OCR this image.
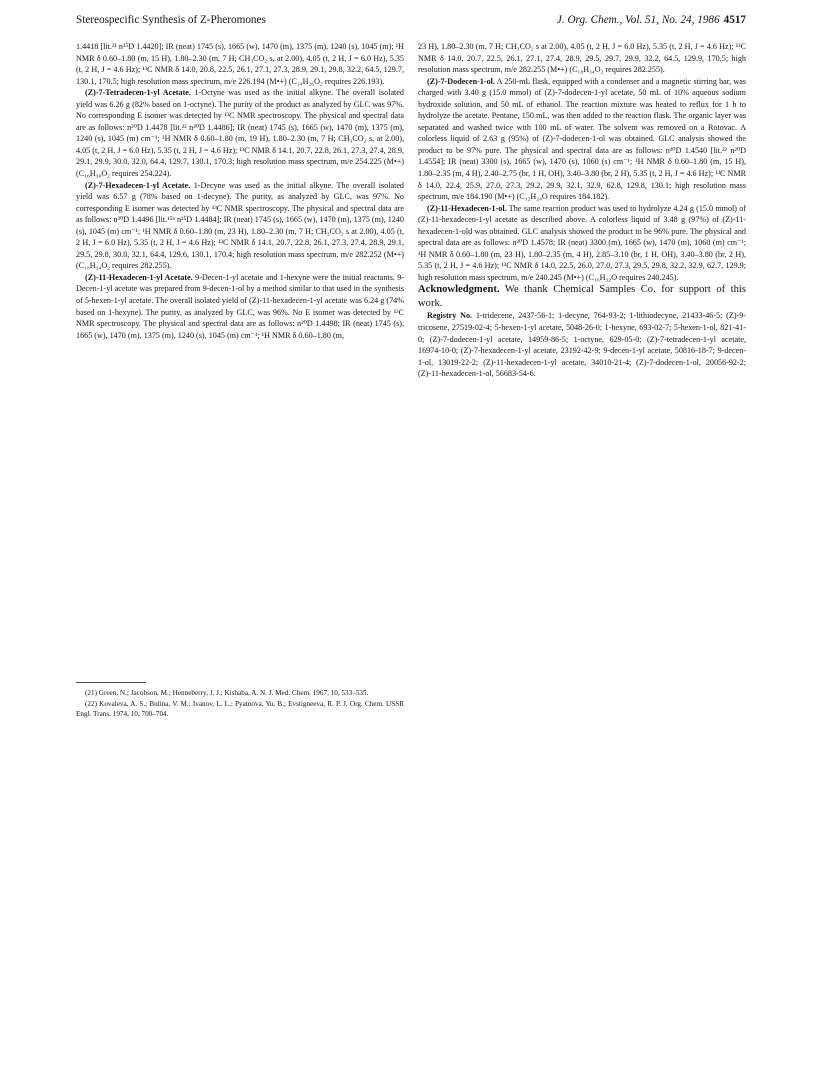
Stereospecific Synthesis of Z-Pheromones	J. Org. Chem., Vol. 51, No. 24, 1986 4517

1.4418 [lit.²¹ n²⁵D 1.4420]; IR (neat) 1745 (s), 1665 (w), 1470 (m), 1375 (m), 1240 (s), 1045 (m); ¹H NMR δ 0.60–1.80 (m, 15 H), 1.80–2.30 (m, 7 H; CH₃CO₂ s, at 2.00), 4.05 (t, 2 H, J = 6.0 Hz), 5.35 (t, 2 H, J = 4.6 Hz); ¹³C NMR δ 14.0, 20.8, 22.5, 26.1, 27.1, 27.3, 28.9, 29.1, 29.8, 32.2, 64.5, 129.7, 130.1, 170.5; high resolution mass spectrum, m/e 226.194 (M•+) (C₁₄H₂₆O₂ requires 226.193).

(Z)-7-Tetradecen-1-yl Acetate. 1-Octyne was used as the initial alkyne. The overall isolated yield was 6.26 g (82% based on 1-octyne). The purity of the product as analyzed by GLC was 97%. No corresponding E isomer was detected by ¹³C NMR spectroscopy. The physical and spectral data are as follows: n²⁰D 1.4478 [lit.²² n²⁰D 1.4486]; IR (neat) 1745 (s), 1665 (w), 1470 (m), 1375 (m), 1240 (s), 1045 (m) cm⁻¹; ¹H NMR δ 0.60–1.80 (m, 19 H), 1.80–2.30 (m, 7 H; CH₃CO₂ s, at 2.00), 4.05 (t, 2 H, J = 6.0 Hz), 5.35 (t, 2 H, J = 4.6 Hz); ¹³C NMR δ 14.1, 20.7, 22.8, 26.1, 27.3, 27.4, 28.9, 29.1, 29.9, 30.0, 32.0, 64.4, 129.7, 130.1, 170.3; high resolution mass spectrum, m/e 254.225 (M•+) (C₁₆H₃₀O₂ requires 254.224).

(Z)-7-Hexadecen-1-yl Acetate. 1-Decyne was used as the initial alkyne. The overall isolated yield was 6.57 g (78% based on 1-decyne). The purity, as analyzed by GLC, was 97%. No corresponding E isomer was detected by ¹³C NMR spectroscopy. The physical and spectral data are as follows: n²⁰D 1.4496 [lit.¹⁵ᵇ n²⁵D 1.4484]; IR (neat) 1745 (s), 1665 (w), 1470 (m), 1375 (m), 1240 (s), 1045 (m) cm⁻¹; ¹H NMR δ 0.60–1.80 (m, 23 H), 1.80–2.30 (m, 7 H; CH₃CO₂ s at 2.00), 4.05 (t, 2 H, J = 6.0 Hz), 5.35 (t, 2 H, J = 4.6 Hz); ¹³C NMR δ 14.1, 20.7, 22.8, 26.1, 27.3, 27.4, 28.9, 29.1, 29.5, 29.8, 30.0, 32.1, 64.4, 129.6, 130.1, 170.4; high resolution mass spectrum, m/e 282.252 (M•+) (C₁₈H₃₄O₂ requires 282.255).

(Z)-11-Hexadecen-1-yl Acetate. 9-Decen-1-yl acetate and 1-hexyne were the initial reactants. 9-Decen-1-yl acetate was prepared from 9-decen-1-ol by a method similar to that used in the synthesis of 5-hexen-1-yl acetate. The overall isolated yield of (Z)-11-hexadecen-1-yl acetate was 6.24 g (74% based on 1-hexyne). The purity, as analyzed by GLC, was 96%. No E isomer was detected by ¹³C NMR spectroscopy. The physical and spectral data are as follows: n²⁰D 1.4498; IR (neat) 1745 (s), 1665 (w), 1470 (m), 1375 (m), 1240 (s), 1045 (m) cm⁻¹; ¹H NMR δ 0.60–1.80 (m,

(21) Green, N.; Jacobson, M.; Henneberry, J. J.; Kishaba, A. N. J. Med. Chem. 1967, 10, 533–535.

(22) Kovaleva, A. S.; Bulina, V. M.; Ivanov, L. L.; Pyatnova, Yu. B.; Evstigneeva, R. P. J. Org. Chem. USSR Engl. Trans. 1974, 10, 700–704.

23 H), 1.80–2.30 (m, 7 H; CH₃CO₂ s at 2.00), 4.05 (t, 2 H, J = 6.0 Hz), 5.35 (t, 2 H, J = 4.6 Hz); ¹³C NMR δ 14.0, 20.7, 22.5, 26.1, 27.1, 27.4, 28.9, 29.5, 29.7, 29.9, 32.2, 64.5, 129.9, 170.5; high resolution mass spectrum, m/e 282.255 (M•+) (C₁₈H₃₄O₂ requires 282.255).

(Z)-7-Dodecen-1-ol. A 250-mL flask, equipped with a condenser and a magnetic stirring bar, was charged with 3.40 g (15.0 mmol) of (Z)-7-dodecen-1-yl acetate, 50 mL of 10% aqueous sodium hydroxide solution, and 50 mL of ethanol. The reaction mixture was heated to reflux for 1 h to hydrolyze the acetate. Pentane, 150 mL, was then added to the reaction flask. The organic layer was separated and washed twice with 100 mL of water. The solvent was removed on a Rotovac. A colorless liquid of 2.63 g (95%) of (Z)-7-dodecen-1-ol was obtained. GLC analysis showed the product to be 97% pure. The physical and spectral data are as follows: n²⁰D 1.4540 [lit.²² n²⁰D 1.4554]; IR (neat) 3300 (s), 1665 (w), 1470 (s), 1060 (s) cm⁻¹; ¹H NMR δ 0.60–1.80 (m, 15 H), 1.80–2.35 (m, 4 H), 2.40–2.75 (br, 1 H, OH), 3.40–3.80 (br, 2 H), 5.35 (t, 2 H, J = 4.6 Hz); ¹³C NMR δ 14.0, 22.4, 25.9, 27.0, 27.3, 29.2, 29.9, 32.1, 32.9, 62.8, 129.8, 130.1; high resolution mass spectrum, m/e 184.190 (M•+) (C₁₂H₂₄O requires 184.182).

(Z)-11-Hexadecen-1-ol. The same reaction product was used to hydrolyze 4.24 g (15.0 mmol) of (Z)-11-hexadecen-1-yl acetate as described above. A colorless liquid of 3.48 g (97%) of (Z)-11-hexadecen-1-old was obtained. GLC analysis showed the product to be 96% pure. The physical and spectral data are as follows: n²⁰D 1.4578; IR (neat) 3300 (m), 1665 (w), 1470 (m), 1060 (m) cm⁻¹; ¹H NMR δ 0.60–1.80 (m, 23 H), 1.80–2.35 (m, 4 H), 2.85–3.10 (br, 1 H, OH), 3.40–3.80 (br, 2 H), 5.35 (t, 2 H, J = 4.6 Hz); ¹³C NMR δ 14.0, 22.5, 26.0, 27.0, 27.3, 29.5, 29.8, 32.2, 32.9, 62.7, 129.9; high resolution mass spectrum, m/e 240.245 (M•+) (C₁₆H₃₂O requires 240.245).

Acknowledgment. We thank Chemical Samples Co. for support of this work.

Registry No. 1-tridecene, 2437-56-1; 1-decyne, 764-93-2; 1-lithiodecyne, 21433-46-5; (Z)-9-tricosene, 27519-02-4; 5-hexen-1-yl acetate, 5048-26-0; 1-hexyne, 693-02-7; 5-hexen-1-ol, 821-41-0; (Z)-7-dodecen-1-yl acetate, 14959-86-5; 1-octyne, 629-05-0; (Z)-7-tetradecen-1-yl acetate, 16974-10-0; (Z)-7-hexadecen-1-yl acetate, 23192-42-9; 9-decen-1-yl acetate, 50816-18-7; 9-decen-1-ol, 13019-22-2; (Z)-11-hexadecen-1-yl acetate, 34010-21-4; (Z)-7-dodecen-1-ol, 20056-92-2; (Z)-11-hexadecen-1-ol, 56683-54-6.
